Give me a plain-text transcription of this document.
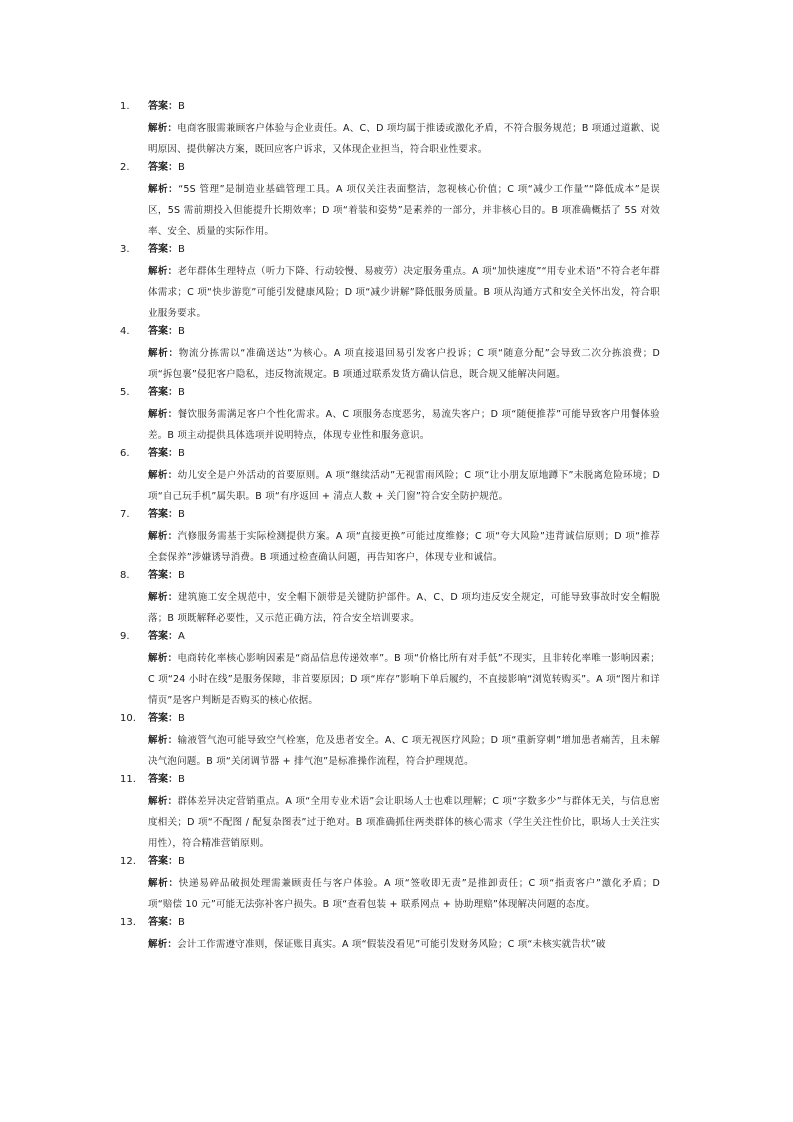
1. 答案：B
解析：电商客服需兼顾客户体验与企业责任。A、C、D 项均属于推诿或激化矛盾，不符合服务规范；B 项通过道歉、说明原因、提供解决方案，既回应客户诉求，又体现企业担当，符合职业性要求。
2. 答案：B
解析：“5S 管理”是制造业基础管理工具。A 项仅关注表面整洁，忽视核心价值；C 项“减少工作量”“降低成本”是误区，5S 需前期投入但能提升长期效率；D 项“着装和姿势”是素养的一部分，并非核心目的。B 项准确概括了 5S 对效率、安全、质量的实际作用。
3. 答案：B
解析：老年群体生理特点（听力下降、行动较慢、易疲劳）决定服务重点。A 项“加快速度”“用专业术语”不符合老年群体需求；C 项“快步游览”可能引发健康风险；D 项“减少讲解”降低服务质量。B 项从沟通方式和安全关怀出发，符合职业服务要求。
4. 答案：B
解析：物流分拣需以“准确送达”为核心。A 项直接退回易引发客户投诉；C 项“随意分配”会导致二次分拣浪费；D 项“拆包裹”侵犯客户隐私，违反物流规定。B 项通过联系发货方确认信息，既合规又能解决问题。
5. 答案：B
解析：餐饮服务需满足客户个性化需求。A、C 项服务态度恶劣，易流失客户；D 项“随便推荐”可能导致客户用餐体验差。B 项主动提供具体选项并说明特点，体现专业性和服务意识。
6. 答案：B
解析：幼儿安全是户外活动的首要原则。A 项“继续活动”无视雷雨风险；C 项“让小朋友原地蹲下”未脱离危险环境；D 项“自己玩手机”属失职。B 项“有序返回 + 清点人数 + 关门窗”符合安全防护规范。
7. 答案：B
解析：汽修服务需基于实际检测提供方案。A 项“直接更换”可能过度维修；C 项“夸大风险”违背诚信原则；D 项“推荐全套保养”涉嫌诱导消费。B 项通过检查确认问题，再告知客户，体现专业和诚信。
8. 答案：B
解析：建筑施工安全规范中，安全帽下颌带是关键防护部件。A、C、D 项均违反安全规定，可能导致事故时安全帽脱落；B 项既解释必要性，又示范正确方法，符合安全培训要求。
9. 答案：A
解析：电商转化率核心影响因素是“商品信息传递效率”。B 项“价格比所有对手低”不现实，且非转化率唯一影响因素；C 项“24 小时在线”是服务保障，非首要原因；D 项“库存”影响下单后履约，不直接影响“浏览转购买”。A 项“图片和详情页”是客户判断是否购买的核心依据。
10. 答案：B
解析：输液管气泡可能导致空气栓塞，危及患者安全。A、C 项无视医疗风险；D 项“重新穿刺”增加患者痛苦，且未解决气泡问题。B 项“关闭调节器 + 排气泡”是标准操作流程，符合护理规范。
11. 答案：B
解析：群体差异决定营销重点。A 项“全用专业术语”会让职场人士也难以理解；C 项“字数多少”与群体无关，与信息密度相关；D 项“不配图 / 配复杂图表”过于绝对。B 项准确抓住两类群体的核心需求（学生关注性价比，职场人士关注实用性），符合精准营销原则。
12. 答案：B
解析：快递易碎品破损处理需兼顾责任与客户体验。A 项“签收即无责”是推卸责任；C 项“指责客户”激化矛盾；D 项“赔偿 10 元”可能无法弥补客户损失。B 项“查看包装 + 联系网点 + 协助理赔”体现解决问题的态度。
13. 答案：B
解析：会计工作需遵守准则，保证账目真实。A 项“假装没看见”可能引发财务风险；C 项“未核实就告状”破
